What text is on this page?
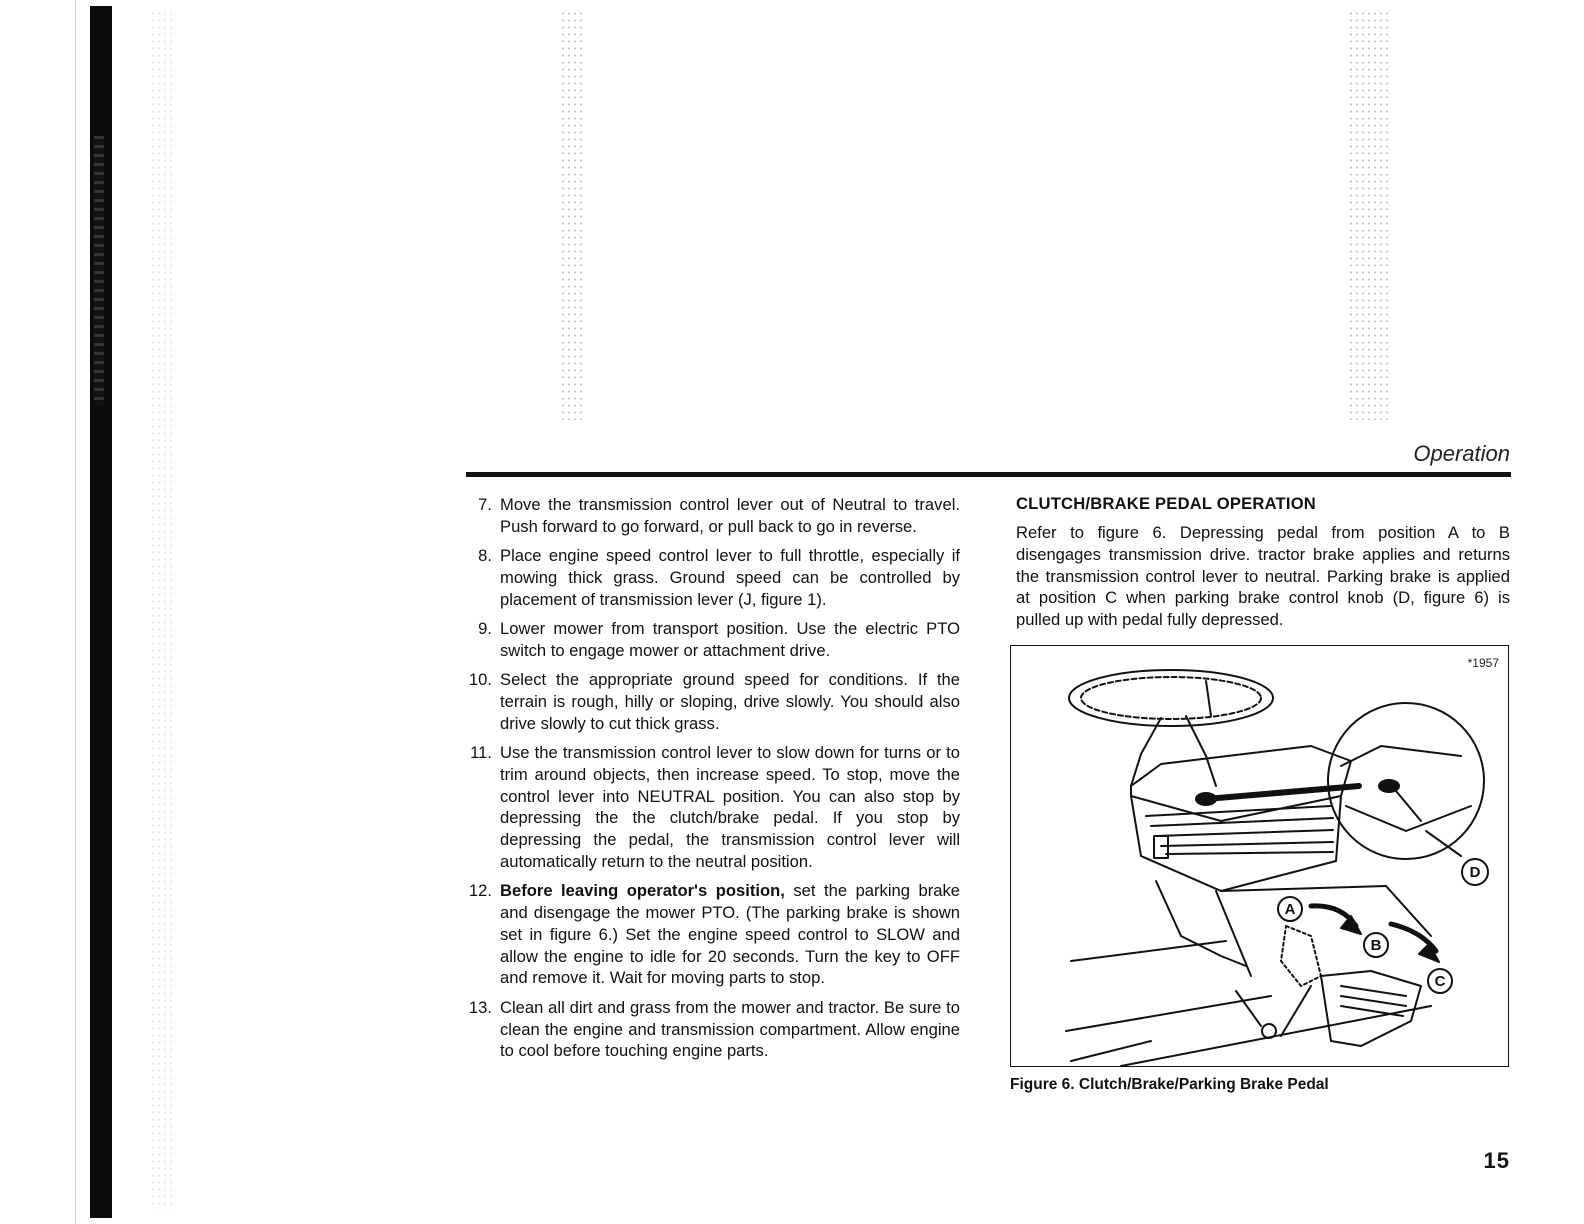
Operation
7. Move the transmission control lever out of Neutral to travel. Push forward to go forward, or pull back to go in reverse.
8. Place engine speed control lever to full throttle, especially if mowing thick grass. Ground speed can be controlled by placement of transmission lever (J, figure 1).
9. Lower mower from transport position. Use the electric PTO switch to engage mower or attachment drive.
10. Select the appropriate ground speed for conditions. If the terrain is rough, hilly or sloping, drive slowly. You should also drive slowly to cut thick grass.
11. Use the transmission control lever to slow down for turns or to trim around objects, then increase speed. To stop, move the control lever into NEUTRAL position. You can also stop by depressing the the clutch/brake pedal. If you stop by depressing the pedal, the transmission control lever will automatically return to the neutral position.
12. Before leaving operator's position, set the parking brake and disengage the mower PTO. (The parking brake is shown set in figure 6.) Set the engine speed control to SLOW and allow the engine to idle for 20 seconds. Turn the key to OFF and remove it. Wait for moving parts to stop.
13. Clean all dirt and grass from the mower and tractor. Be sure to clean the engine and transmission compartment. Allow engine to cool before touching engine parts.
CLUTCH/BRAKE PEDAL OPERATION

Refer to figure 6. Depressing pedal from position A to B disengages transmission drive. tractor brake applies and returns the transmission control lever to neutral. Parking brake is applied at position C when parking brake control knob (D, figure 6) is pulled up with pedal fully depressed.

*1957
A
B
C
D

Figure 6. Clutch/Brake/Parking Brake Pedal

15
